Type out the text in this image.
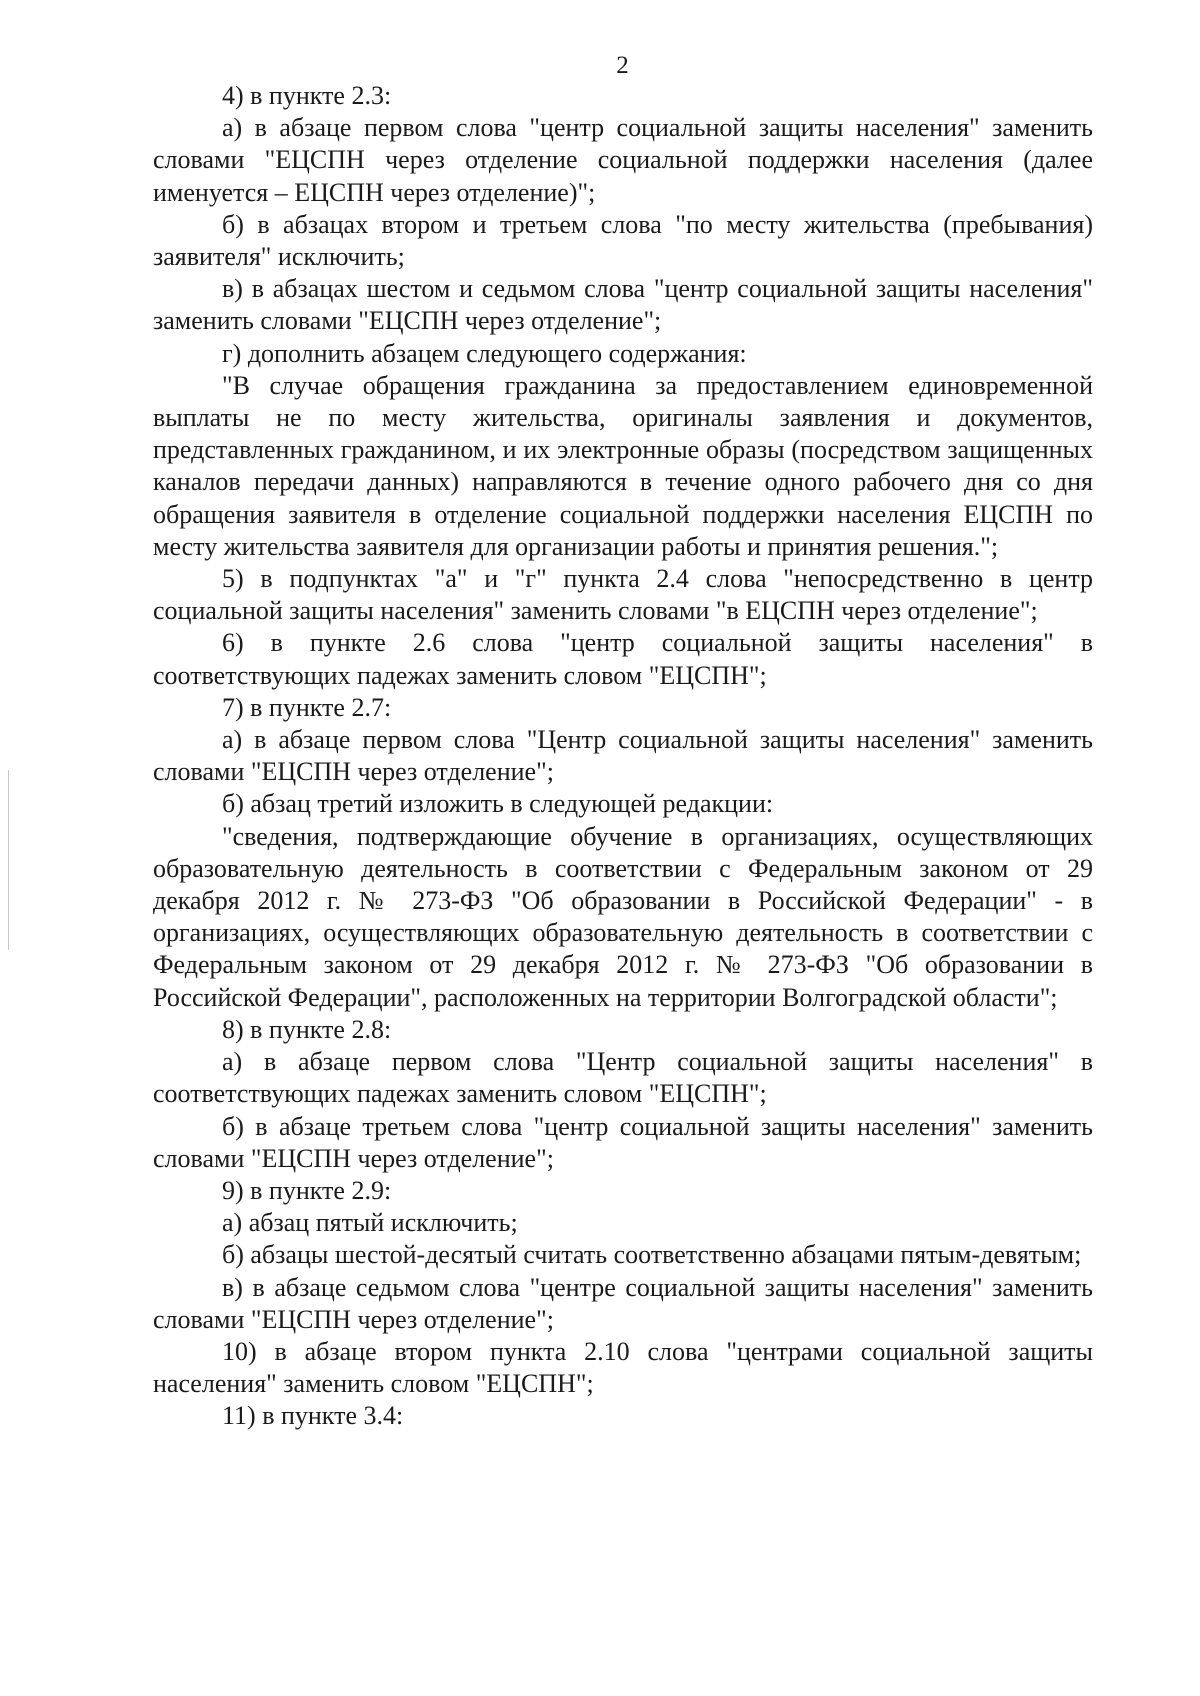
2

4) в пункте 2.3:

а) в абзаце первом слова "центр социальной защиты населения" заменить словами "ЕЦСПН через отделение социальной поддержки населения (далее именуется – ЕЦСПН через отделение)";

б) в абзацах втором и третьем слова "по месту жительства (пребывания) заявителя" исключить;

в) в абзацах шестом и седьмом слова "центр социальной защиты населения" заменить словами "ЕЦСПН через отделение";

г) дополнить абзацем следующего содержания:

"В случае обращения гражданина за предоставлением единовременной выплаты не по месту жительства, оригиналы заявления и документов, представленных гражданином, и их электронные образы (посредством защищенных каналов передачи данных) направляются в течение одного рабочего дня со дня обращения заявителя в отделение социальной поддержки населения ЕЦСПН по месту жительства заявителя для организации работы и принятия решения.";

5) в подпунктах "а" и "г" пункта 2.4 слова "непосредственно в центр социальной защиты населения" заменить словами "в ЕЦСПН через отделение";

6) в пункте 2.6 слова "центр социальной защиты населения" в соответствующих падежах заменить словом "ЕЦСПН";

7) в пункте 2.7:

а) в абзаце первом слова "Центр социальной защиты населения" заменить словами "ЕЦСПН через отделение";

б) абзац третий изложить в следующей редакции:

"сведения, подтверждающие обучение в организациях, осуществляющих образовательную деятельность в соответствии с Федеральным законом от 29 декабря 2012 г. № 273-ФЗ "Об образовании в Российской Федерации" - в организациях, осуществляющих образовательную деятельность в соответствии с Федеральным законом от 29 декабря 2012 г. № 273-ФЗ "Об образовании в Российской Федерации", расположенных на территории Волгоградской области";

8) в пункте 2.8:

а) в абзаце первом слова "Центр социальной защиты населения" в соответствующих падежах заменить словом "ЕЦСПН";

б) в абзаце третьем слова "центр социальной защиты населения" заменить словами "ЕЦСПН через отделение";

9) в пункте 2.9:

а) абзац пятый исключить;

б) абзацы шестой-десятый считать соответственно абзацами пятым-девятым;

в) в абзаце седьмом слова "центре социальной защиты населения" заменить словами "ЕЦСПН через отделение";

10) в абзаце втором пункта 2.10 слова "центрами социальной защиты населения" заменить словом "ЕЦСПН";

11) в пункте 3.4:
